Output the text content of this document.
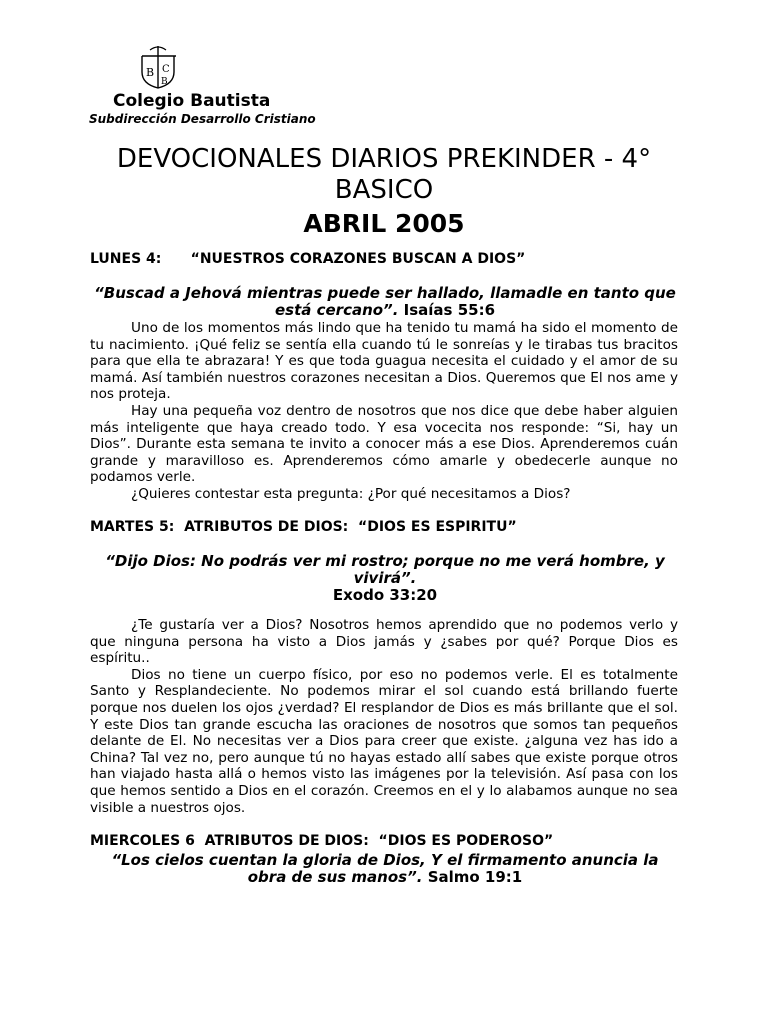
B C
B
Colegio Bautista
Subdirección Desarrollo Cristiano
DEVOCIONALES DIARIOS PREKINDER - 4° BASICO
ABRIL 2005
LUNES 4:      “NUESTROS CORAZONES BUSCAN A DIOS”
“Buscad a Jehová mientras puede ser hallado, llamadle en tanto que está cercano”. Isaías 55:6

Uno de los momentos más lindo que ha tenido tu mamá ha sido el momento de tu nacimiento. ¡Qué feliz se sentía ella cuando tú le sonreías y le tirabas tus bracitos para que ella te abrazara! Y es que toda guagua necesita el cuidado y el amor de su mamá. Así también nuestros corazones necesitan a Dios. Queremos que El nos ame y nos proteja.

Hay una pequeña voz dentro de nosotros que nos dice que debe haber alguien más inteligente que haya creado todo. Y esa vocecita nos responde: “Si, hay un Dios”. Durante esta semana te invito a conocer más a ese Dios. Aprenderemos cuán grande y maravilloso es. Aprenderemos cómo amarle y obedecerle aunque no podamos verle.

¿Quieres contestar esta pregunta: ¿Por qué necesitamos a Dios?

MARTES 5:  ATRIBUTOS DE DIOS:  “DIOS ES ESPIRITU”
“Dijo Dios: No podrás ver mi rostro; porque no me verá hombre, y vivirá”.
Exodo 33:20

¿Te gustaría ver a Dios? Nosotros hemos aprendido que no podemos verlo y que ninguna persona ha visto a Dios jamás y ¿sabes por qué? Porque Dios es espíritu..

Dios no tiene un cuerpo físico, por eso no podemos verle. El es totalmente Santo y Resplandeciente. No podemos mirar el sol cuando está brillando fuerte porque nos duelen los ojos ¿verdad? El resplandor de Dios es más brillante que el sol. Y este Dios tan grande escucha las oraciones de nosotros que somos tan pequeños delante de El. No necesitas ver a Dios para creer que existe. ¿alguna vez has ido a China? Tal vez no, pero aunque tú no hayas estado allí sabes que existe porque otros han viajado hasta allá o hemos visto las imágenes por la televisión. Así pasa con los que hemos sentido a Dios en el corazón. Creemos en el y lo alabamos aunque no sea visible a nuestros ojos.

MIERCOLES 6  ATRIBUTOS DE DIOS:  “DIOS ES PODEROSO”
“Los cielos cuentan la gloria de Dios, Y el firmamento anuncia la obra de sus manos”. Salmo 19:1
